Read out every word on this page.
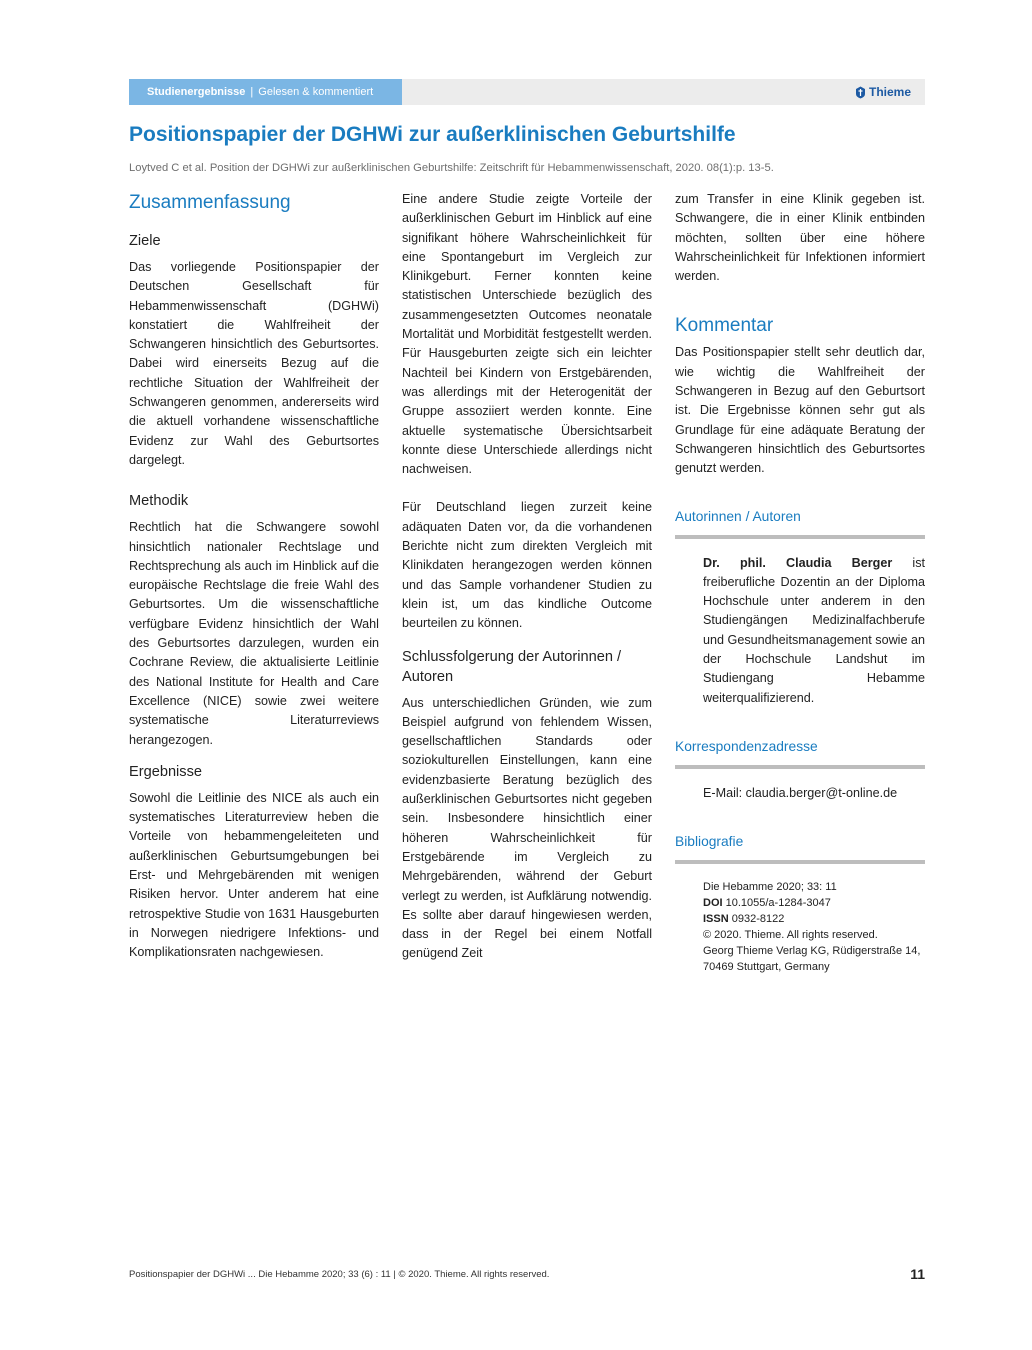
Studienergebnisse | Gelesen & kommentiert	Thieme
Positionspapier der DGHWi zur außerklinischen Geburtshilfe

Loytved C et al. Position der DGHWi zur außerklinischen Geburtshilfe: Zeitschrift für Hebammenwissenschaft, 2020. 08(1):p. 13-5.

Zusammenfassung
Ziele

Das vorliegende Positionspapier der Deutschen Gesellschaft für Hebammenwissenschaft (DGHWi) konstatiert die Wahlfreiheit der Schwangeren hinsichtlich des Geburtsortes. Dabei wird einerseits Bezug auf die rechtliche Situation der Wahlfreiheit der Schwangeren genommen, andererseits wird die aktuell vorhandene wissenschaftliche Evidenz zur Wahl des Geburtsortes dargelegt.

Methodik

Rechtlich hat die Schwangere sowohl hinsichtlich nationaler Rechtslage und Rechtsprechung als auch im Hinblick auf die europäische Rechtslage die freie Wahl des Geburtsortes. Um die wissenschaftliche verfügbare Evidenz hinsichtlich der Wahl des Geburtsortes darzulegen, wurden ein Cochrane Review, die aktualisierte Leitlinie des National Institute for Health and Care Excellence (NICE) sowie zwei weitere systematische Literaturreviews herangezogen.

Ergebnisse

Sowohl die Leitlinie des NICE als auch ein systematisches Literaturreview heben die Vorteile von hebammengeleiteten und außerklinischen Geburtsumgebungen bei Erst- und Mehrgebärenden mit wenigen Risiken hervor. Unter anderem hat eine retrospektive Studie von 1631 Hausgeburten in Norwegen niedrigere Infektions- und Komplikationsraten nachgewiesen.

Eine andere Studie zeigte Vorteile der außerklinischen Geburt im Hinblick auf eine signifikant höhere Wahrscheinlichkeit für eine Spontangeburt im Vergleich zur Klinikgeburt. Ferner konnten keine statistischen Unterschiede bezüglich des zusammengesetzten Outcomes neonatale Mortalität und Morbidität festgestellt werden. Für Hausgeburten zeigte sich ein leichter Nachteil bei Kindern von Erstgebärenden, was allerdings mit der Heterogenität der Gruppe assoziiert werden konnte. Eine aktuelle systematische Übersichtsarbeit konnte diese Unterschiede allerdings nicht nachweisen.

Für Deutschland liegen zurzeit keine adäquaten Daten vor, da die vorhandenen Berichte nicht zum direkten Vergleich mit Klinikdaten herangezogen werden können und das Sample vorhandener Studien zu klein ist, um das kindliche Outcome beurteilen zu können.

Schlussfolgerung der Autorinnen / Autoren

Aus unterschiedlichen Gründen, wie zum Beispiel aufgrund von fehlendem Wissen, gesellschaftlichen Standards oder soziokulturellen Einstellungen, kann eine evidenzbasierte Beratung bezüglich des außerklinischen Geburtsortes nicht gegeben sein. Insbesondere hinsichtlich einer höheren Wahrscheinlichkeit für Erstgebärende im Vergleich zu Mehrgebärenden, während der Geburt verlegt zu werden, ist Aufklärung notwendig. Es sollte aber darauf hingewiesen werden, dass in der Regel bei einem Notfall genügend Zeit

zum Transfer in eine Klinik gegeben ist. Schwangere, die in einer Klinik entbinden möchten, sollten über eine höhere Wahrscheinlichkeit für Infektionen informiert werden.

Kommentar

Das Positionspapier stellt sehr deutlich dar, wie wichtig die Wahlfreiheit der Schwangeren in Bezug auf den Geburtsort ist. Die Ergebnisse können sehr gut als Grundlage für eine adäquate Beratung der Schwangeren hinsichtlich des Geburtsortes genutzt werden.

Autorinnen / Autoren

Dr. phil. Claudia Berger ist freiberufliche Dozentin an der Diploma Hochschule unter anderem in den Studiengängen Medizinalfachberufe und Gesundheitsmanagement sowie an der Hochschule Landshut im Studiengang Hebamme weiterqualifizierend.

Korrespondenzadresse

E-Mail: claudia.berger@t-online.de

Bibliografie
Die Hebamme 2020; 33: 11
DOI 10.1055/a-1284-3047
ISSN 0932-8122
© 2020. Thieme. All rights reserved.
Georg Thieme Verlag KG, Rüdigerstraße 14, 70469 Stuttgart, Germany
Positionspapier der DGHWi ... Die Hebamme 2020; 33 (6) : 11 | © 2020. Thieme. All rights reserved.	11
